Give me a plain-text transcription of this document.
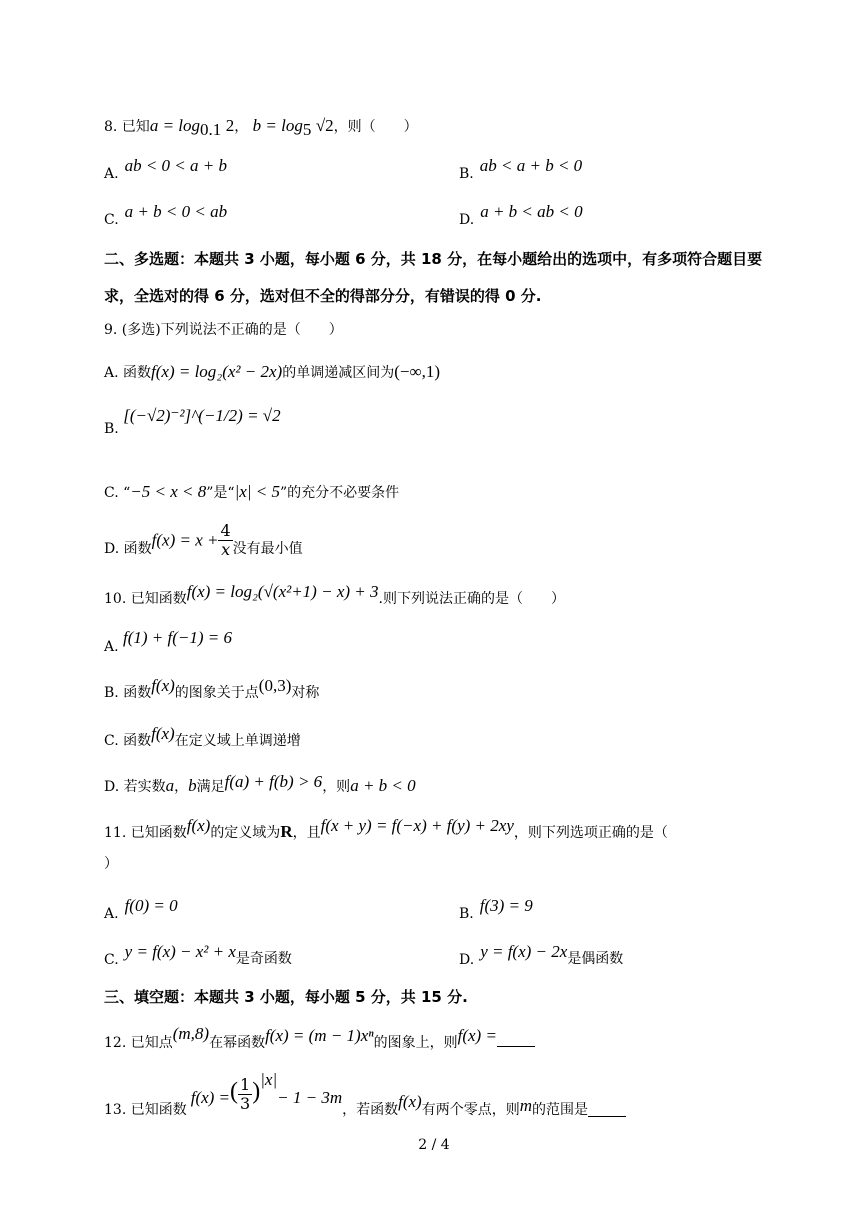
8. 已知$a = \log_{0.1} 2$， $b = \log_5 √2$，则（　　）
A. ab < 0 < a + b	B. ab < a + b < 0
C. a + b < 0 < ab	D. a + b < ab < 0
二、多选题：本题共 3 小题，每小题 6 分，共 18 分，在每小题给出的选项中，有多项符合题目要
求，全选对的得 6 分，选对但不全的得部分分，有错误的得 0 分.
9. (多选)下列说法不正确的是（　　）
A. 函数f(x) = log₂(x² − 2x)的单调递减区间为(−∞,1)
B. [(−√2)⁻²]^(−1/2) = √2
C. “−5 < x < 8”是“|x| < 5”的充分不必要条件
D. 函数$f(x) = x + \frac{4}{x}$ 没有最小值
10. 已知函数f(x) = log₂(√(x²+1) − x) + 3.则下列说法正确的是（　　）
A. f(1) + f(−1) = 6
B. 函数f(x)的图象关于点(0,3)对称
C. 函数f(x)在定义域上单调递增
D. 若实数a，b满足f(a) + f(b) > 6，则a + b < 0
11. 已知函数f(x)的定义域为R，且f(x + y) = f(−x) + f(y) + 2xy，则下列选项正确的是（
）
A. f(0) = 0	B. f(3) = 9
C. y = f(x) − x² + x是奇函数	D. y = f(x) − 2x是偶函数
三、填空题：本题共 3 小题，每小题 5 分，共 15 分.
12. 已知点(m,8)在幂函数f(x) = (m − 1)xⁿ的图象上，则f(x) =
13. 已知函数f(x) =( $\frac{1}{3} )^{|x|}- 1 - 3m$，若函数f(x)有两个零点，则m的范围是
2 / 4
